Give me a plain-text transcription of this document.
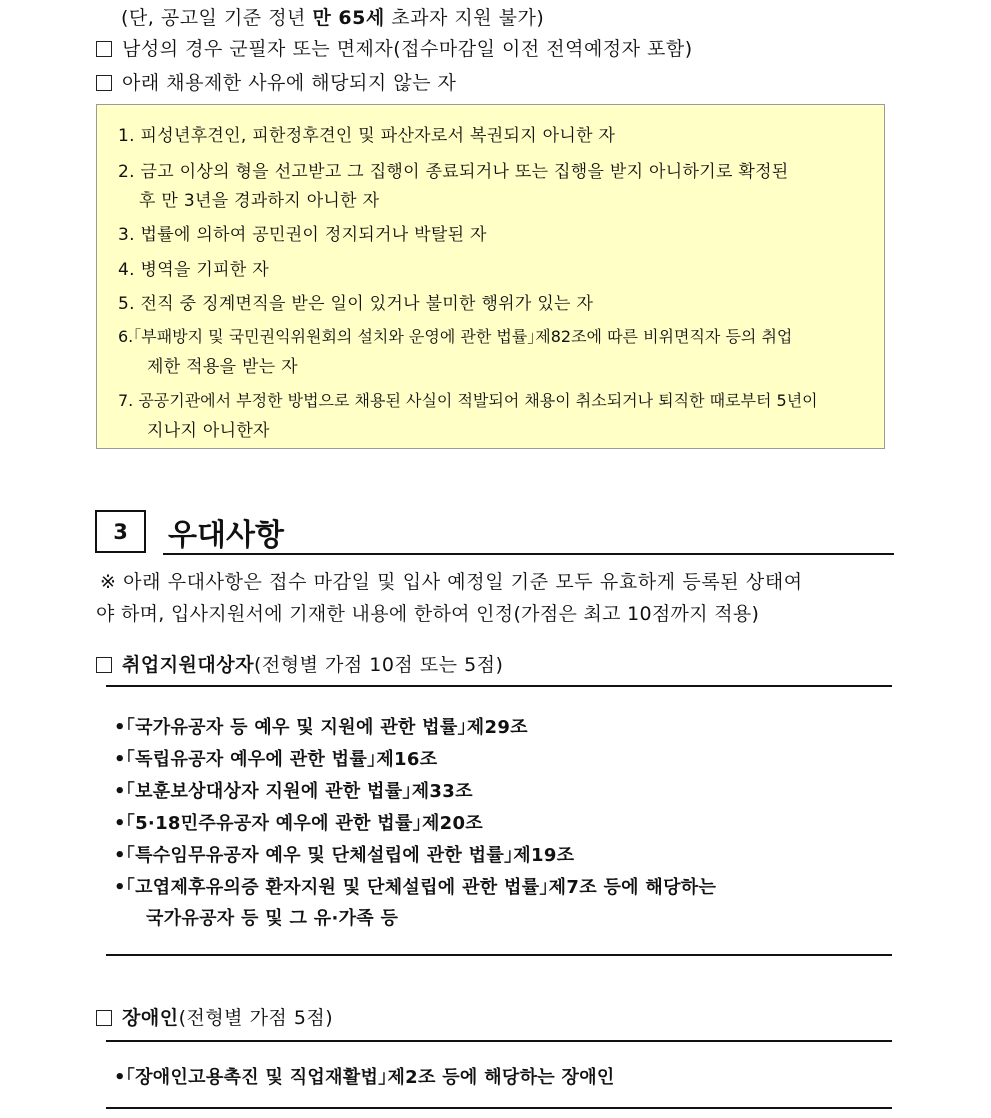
(단, 공고일 기준 정년 만 65세 초과자 지원 불가)
남성의 경우 군필자 또는 면제자(접수마감일 이전 전역예정자 포함)
아래 채용제한 사유에 해당되지 않는 자
1. 피성년후견인, 피한정후견인 및 파산자로서 복권되지 아니한 자
2. 금고 이상의 형을 선고받고 그 집행이 종료되거나 또는 집행을 받지 아니하기로 확정된
후 만 3년을 경과하지 아니한 자
3. 법률에 의하여 공민권이 정지되거나 박탈된 자
4. 병역을 기피한 자
5. 전직 중 징계면직을 받은 일이 있거나 불미한 행위가 있는 자
6.｢부패방지 및 국민권익위원회의 설치와 운영에 관한 법률｣제82조에 따른 비위면직자 등의 취업
제한 적용을 받는 자
7. 공공기관에서 부정한 방법으로 채용된 사실이 적발되어 채용이 취소되거나 퇴직한 때로부터 5년이
지나지 아니한자
3	우대사항
※ 아래 우대사항은 접수 마감일 및 입사 예정일 기준 모두 유효하게 등록된 상태여
야 하며, 입사지원서에 기재한 내용에 한하여 인정(가점은 최고 10점까지 적용)
취업지원대상자(전형별 가점 10점 또는 5점)
•｢국가유공자 등 예우 및 지원에 관한 법률｣제29조
•｢독립유공자 예우에 관한 법률｣제16조
•｢보훈보상대상자 지원에 관한 법률｣제33조
•｢5·18민주유공자 예우에 관한 법률｣제20조
•｢특수임무유공자 예우 및 단체설립에 관한 법률｣제19조
•｢고엽제후유의증 환자지원 및 단체설립에 관한 법률｣제7조 등에 해당하는
국가유공자 등 및 그 유·가족 등
장애인(전형별 가점 5점)
•｢장애인고용촉진 및 직업재활법｣제2조 등에 해당하는 장애인
